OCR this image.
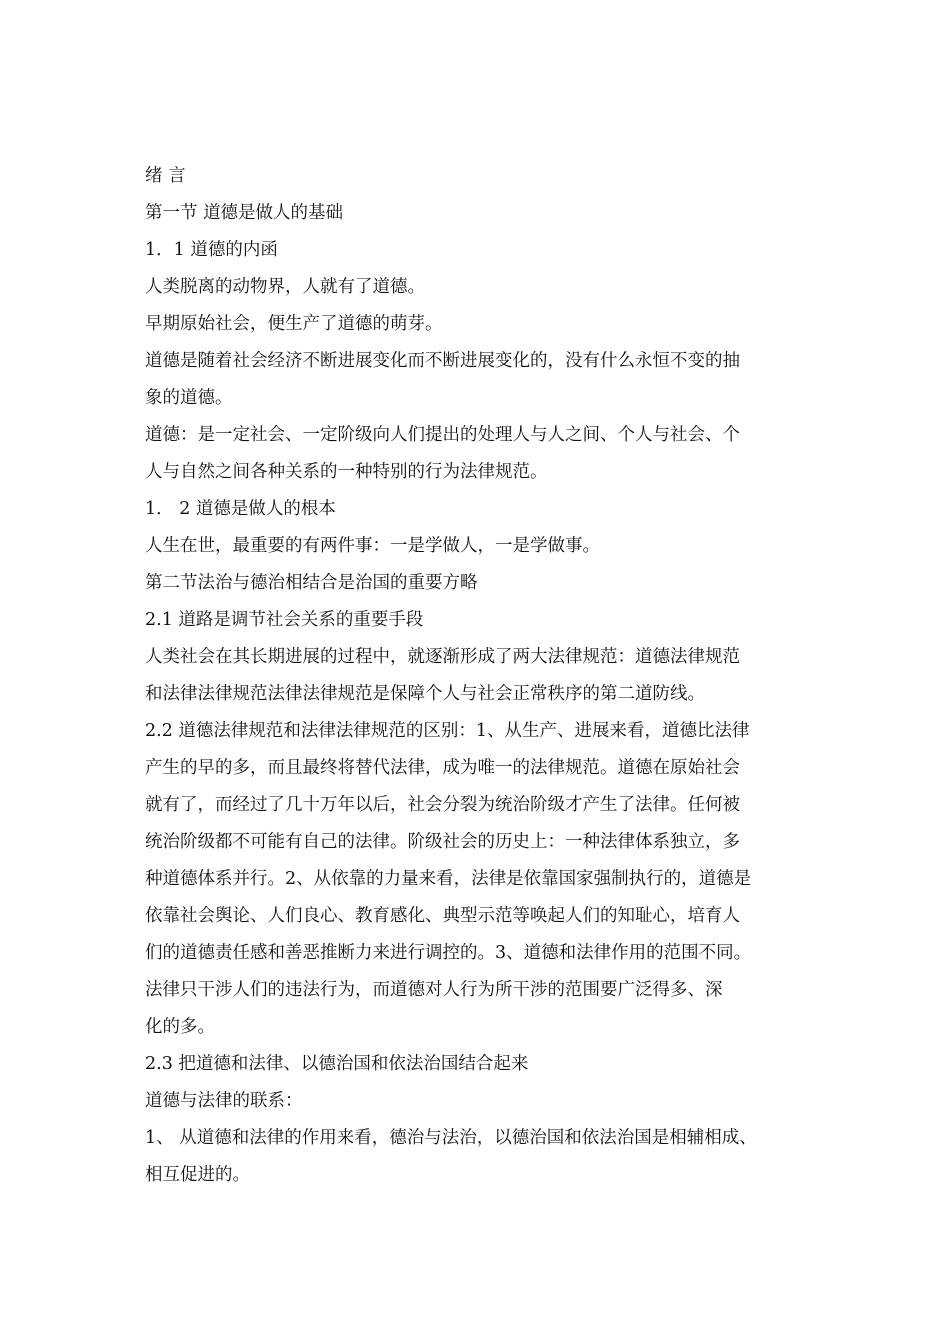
绪 言

第一节 道德是做人的基础

1．1 道德的内函

人类脱离的动物界，人就有了道德。

早期原始社会，便生产了道德的萌芽。

道德是随着社会经济不断进展变化而不断进展变化的，没有什么永恒不变的抽
象的道德。

道德：是一定社会、一定阶级向人们提出的处理人与人之间、个人与社会、个
人与自然之间各种关系的一种特别的行为法律规范。

1． 2 道德是做人的根本

人生在世，最重要的有两件事：一是学做人，一是学做事。

第二节法治与德治相结合是治国的重要方略

2.1 道路是调节社会关系的重要手段

人类社会在其长期进展的过程中，就逐渐形成了两大法律规范：道德法律规范
和法律法律规范法律法律规范是保障个人与社会正常秩序的第二道防线。

2.2 道德法律规范和法律法律规范的区别：1、从生产、进展来看，道德比法律
产生的早的多，而且最终将替代法律，成为唯一的法律规范。道德在原始社会
就有了，而经过了几十万年以后，社会分裂为统治阶级才产生了法律。任何被
统治阶级都不可能有自己的法律。阶级社会的历史上：一种法律体系独立，多
种道德体系并行。2、从依靠的力量来看，法律是依靠国家强制执行的，道德是
依靠社会舆论、人们良心、教育感化、典型示范等唤起人们的知耻心，培育人
们的道德责任感和善恶推断力来进行调控的。3、道德和法律作用的范围不同。
法律只干涉人们的违法行为，而道德对人行为所干涉的范围要广泛得多、深
化的多。

2.3 把道德和法律、以德治国和依法治国结合起来

道德与法律的联系：

1、 从道德和法律的作用来看，德治与法治，以德治国和依法治国是相辅相成、
相互促进的。
